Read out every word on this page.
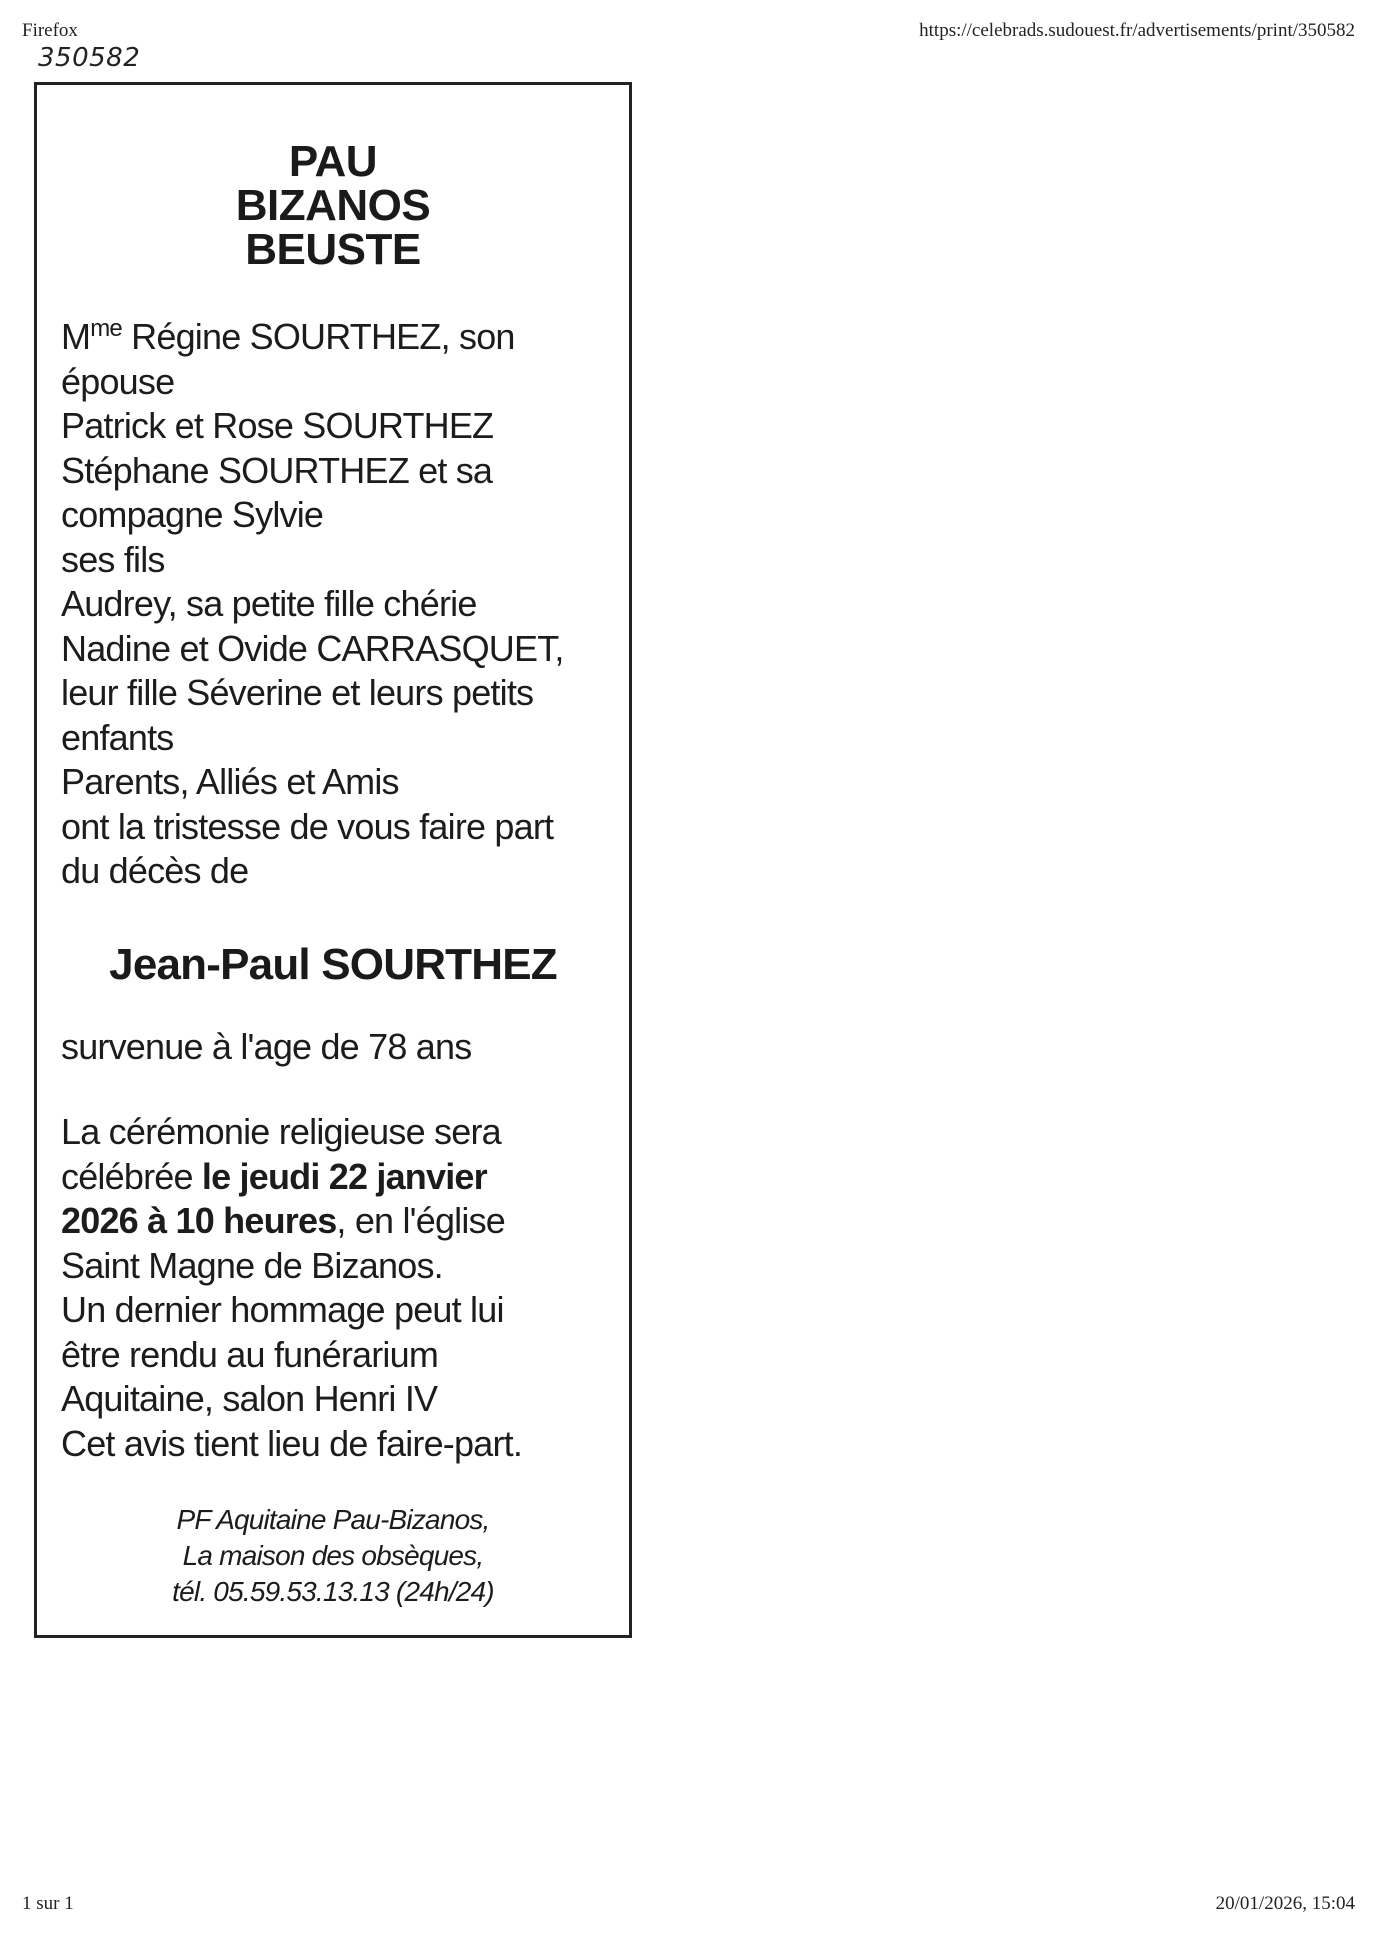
Firefox	https://celebrads.sudouest.fr/advertisements/print/350582
350582
PAU
BIZANOS
BEUSTE
$M^{me}$ Régine SOURTHEZ, son
épouse
Patrick et Rose SOURTHEZ
Stéphane SOURTHEZ et sa
compagne Sylvie
ses fils
Audrey, sa petite fille chérie
Nadine et Ovide CARRASQUET,
leur fille Séverine et leurs petits
enfants
Parents, Alliés et Amis
ont la tristesse de vous faire part
du décès de
Jean-Paul SOURTHEZ
survenue à l'age de 78 ans
La cérémonie religieuse sera
célébrée le jeudi 22 janvier
2026 à 10 heures, en l'église
Saint Magne de Bizanos.
Un dernier hommage peut lui
être rendu au funérarium
Aquitaine, salon Henri IV
Cet avis tient lieu de faire-part.
PF Aquitaine Pau-Bizanos,
La maison des obsèques,
tél. 05.59.53.13.13 (24h/24)
1 sur 1	20/01/2026, 15:04
